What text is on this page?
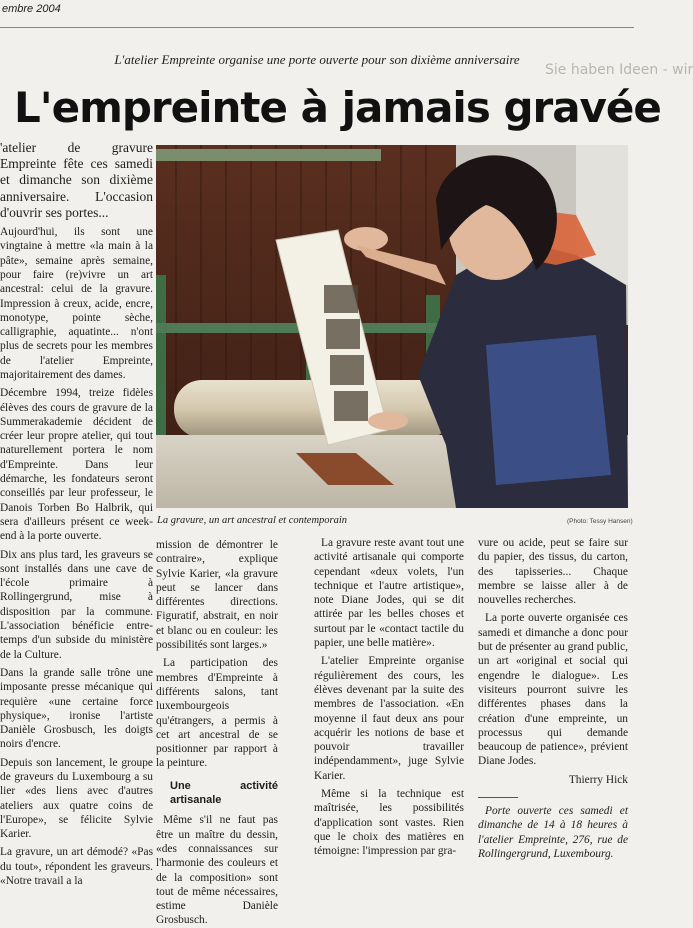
embre 2004
Sie haben Ideen - wir
L'atelier Empreinte organise une porte ouverte pour son dixième anniversaire
L'empreinte à jamais gravée

'atelier de gravure Empreinte fête ces samedi et dimanche son dixième anniversaire. L'occasion d'ouvrir ses portes...

Aujourd'hui, ils sont une vingtaine à mettre «la main à la pâte», semaine après semaine, pour faire (re)vivre un art ancestral: celui de la gravure. Impression à creux, acide, encre, monotype, pointe sèche, calligraphie, aquatinte... n'ont plus de secrets pour les membres de l'atelier Empreinte, majoritairement des dames.

Décembre 1994, treize fidèles élèves des cours de gravure de la Summerakademie décident de créer leur propre atelier, qui tout naturellement portera le nom d'Empreinte. Dans leur démarche, les fondateurs seront conseillés par leur professeur, le Danois Torben Bo Halbrik, qui sera d'ailleurs présent ce week-end à la porte ouverte.

Dix ans plus tard, les graveurs se sont installés dans une cave de l'école primaire à Rollingergrund, mise à disposition par la commune. L'association bénéficie entre-temps d'un subside du ministère de la Culture.

Dans la grande salle trône une imposante presse mécanique qui requière «une certaine force physique», ironise l'artiste Danièle Grosbusch, les doigts noirs d'encre.

Depuis son lancement, le groupe de graveurs du Luxembourg a su lier «des liens avec d'autres ateliers aux quatre coins de l'Europe», se félicite Sylvie Karier.

La gravure, un art démodé? «Pas du tout», répondent les graveurs. «Notre travail a la

La gravure, un art ancestral et contemporain	(Photo: Tessy Hansen)

mission de démontrer le contraire», explique Sylvie Karier, «la gravure peut se lancer dans différentes directions. Figuratif, abstrait, en noir et blanc ou en couleur: les possibilités sont larges.»

La participation des membres d'Empreinte à différents salons, tant luxembourgeois qu'étrangers, a permis à cet art ancestral de se positionner par rapport à la peinture.

Une activité artisanale

Même s'il ne faut pas être un maître du dessin, «des connaissances sur l'harmonie des couleurs et de la composition» sont tout de même nécessaires, estime Danièle Grosbusch.

La gravure reste avant tout une activité artisanale qui comporte cependant «deux volets, l'un technique et l'autre artistique», note Diane Jodes, qui se dit attirée par les belles choses et surtout par le «contact tactile du papier, une belle matière».

L'atelier Empreinte organise régulièrement des cours, les élèves devenant par la suite des membres de l'association. «En moyenne il faut deux ans pour acquérir les notions de base et pouvoir travailler indépendamment», juge Sylvie Karier.

Même si la technique est maîtrisée, les possibilités d'application sont vastes. Rien que le choix des matières en témoigne: l'impression par gra-

vure ou acide, peut se faire sur du papier, des tissus, du carton, des tapisseries... Chaque membre se laisse aller à de nouvelles recherches.

La porte ouverte organisée ces samedi et dimanche a donc pour but de présenter au grand public, un art «original et social qui engendre le dialogue». Les visiteurs pourront suivre les différentes phases dans la création d'une empreinte, un processus qui demande beaucoup de patience», prévient Diane Jodes.

Thierry Hick

Porte ouverte ces samedi et dimanche de 14 à 18 heures à l'atelier Empreinte, 276, rue de Rollingergrund, Luxembourg.
